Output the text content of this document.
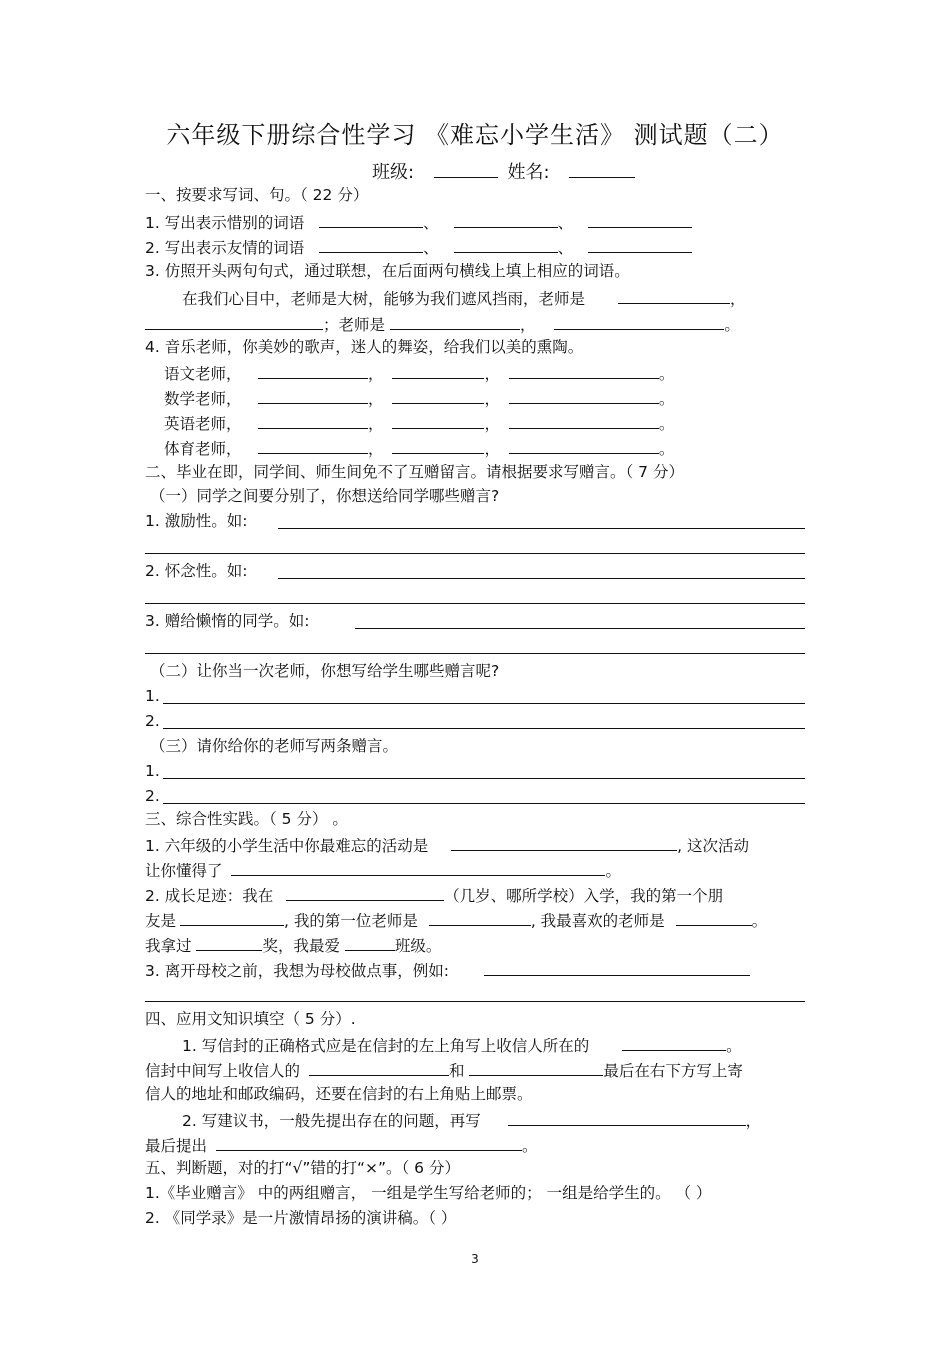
六年级下册综合性学习 《难忘小学生活》 测试题（二）
班级:	姓名:
一、按要求写词、句。（ 22 分）
1. 写出表示惜别的词语	、	、
2. 写出表示友情的词语	、	、
3. 仿照开头两句句式，通过联想，在后面两句横线上填上相应的词语。
在我们心目中，老师是大树，能够为我们遮风挡雨，老师是	，
；老师是	，	。
4. 音乐老师，你美妙的歌声，迷人的舞姿，给我们以美的熏陶。
语文老师，	，	，	。
数学老师，	，	，	。
英语老师，	，	，	。
体育老师，	，	，	。
二、毕业在即，同学间、师生间免不了互赠留言。请根据要求写赠言。（ 7 分）
（一）同学之间要分别了，你想送给同学哪些赠言?
1. 激励性。如:
2. 怀念性。如:
3. 赠给懒惰的同学。如:
（二）让你当一次老师，你想写给学生哪些赠言呢?
1.
2.
（三）请你给你的老师写两条赠言。
1.
2.
三、综合性实践。（ 5 分） 。
1. 六年级的小学生活中你最难忘的活动是	, 这次活动
让你懂得了	。
2. 成长足迹：我在	（几岁、哪所学校）入学，我的第一个朋
友是	, 我的第一位老师是	, 我最喜欢的老师是	。
我拿过	奖，我最爱	班级。
3. 离开母校之前，我想为母校做点事，例如:
四、应用文知识填空（ 5 分）.
1. 写信封的正确格式应是在信封的左上角写上收信人所在的	。
信封中间写上收信人的	和	最后在右下方写上寄
信人的地址和邮政编码，还要在信封的右上角贴上邮票。
2. 写建议书，一般先提出存在的问题，再写	，
最后提出	。
五、判断题，对的打“√”错的打“×”。（ 6 分）
1.《毕业赠言》 中的两组赠言， 一组是学生写给老师的； 一组是给学生的。 （ ）
2. 《同学录》是一片激情昂扬的演讲稿。（ ）
3
